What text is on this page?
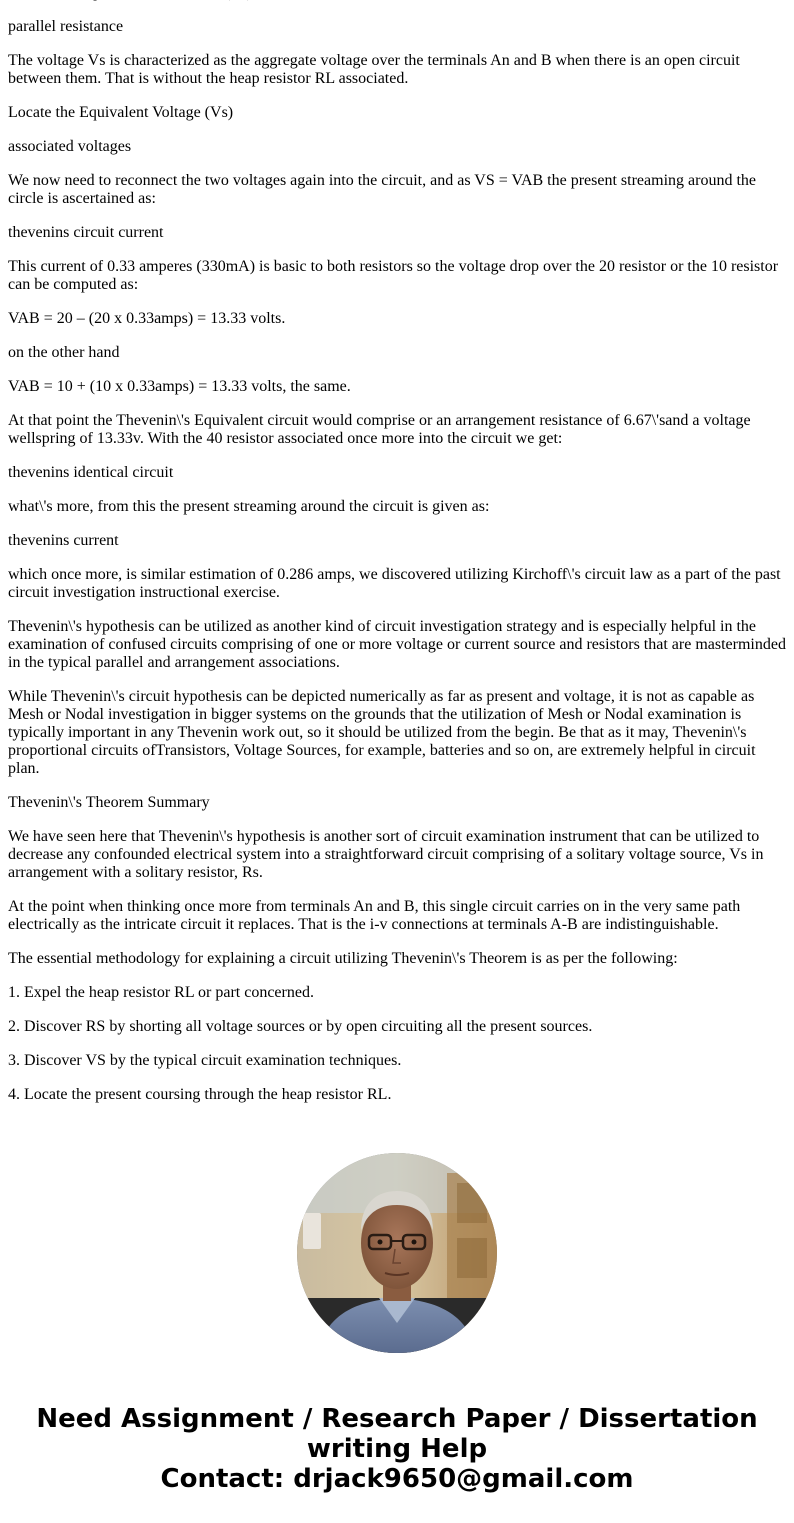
parallel resistance

The voltage Vs is characterized as the aggregate voltage over the terminals An and B when there is an open circuit between them. That is without the heap resistor RL associated.

Locate the Equivalent Voltage (Vs)

associated voltages

We now need to reconnect the two voltages again into the circuit, and as VS = VAB the present streaming around the circle is ascertained as:

thevenins circuit current

This current of 0.33 amperes (330mA) is basic to both resistors so the voltage drop over the 20 resistor or the 10 resistor can be computed as:

VAB = 20 – (20 x 0.33amps) = 13.33 volts.

on the other hand

VAB = 10 + (10 x 0.33amps) = 13.33 volts, the same.

At that point the Thevenin\'s Equivalent circuit would comprise or an arrangement resistance of 6.67\'sand a voltage wellspring of 13.33v. With the 40 resistor associated once more into the circuit we get:

thevenins identical circuit

what\'s more, from this the present streaming around the circuit is given as:

thevenins current

which once more, is similar estimation of 0.286 amps, we discovered utilizing Kirchoff\'s circuit law as a part of the past circuit investigation instructional exercise.

Thevenin\'s hypothesis can be utilized as another kind of circuit investigation strategy and is especially helpful in the examination of confused circuits comprising of one or more voltage or current source and resistors that are masterminded in the typical parallel and arrangement associations.

While Thevenin\'s circuit hypothesis can be depicted numerically as far as present and voltage, it is not as capable as Mesh or Nodal investigation in bigger systems on the grounds that the utilization of Mesh or Nodal examination is typically important in any Thevenin work out, so it should be utilized from the begin. Be that as it may, Thevenin\'s proportional circuits ofTransistors, Voltage Sources, for example, batteries and so on, are extremely helpful in circuit plan.

Thevenin\'s Theorem Summary

We have seen here that Thevenin\'s hypothesis is another sort of circuit examination instrument that can be utilized to decrease any confounded electrical system into a straightforward circuit comprising of a solitary voltage source, Vs in arrangement with a solitary resistor, Rs.

At the point when thinking once more from terminals An and B, this single circuit carries on in the very same path electrically as the intricate circuit it replaces. That is the i-v connections at terminals A-B are indistinguishable.

The essential methodology for explaining a circuit utilizing Thevenin\'s Theorem is as per the following:

1. Expel the heap resistor RL or part concerned.

2. Discover RS by shorting all voltage sources or by open circuiting all the present sources.

3. Discover VS by the typical circuit examination techniques.

4. Locate the present coursing through the heap resistor RL.

Need Assignment / Research Paper / Dissertation
writing Help
Contact: drjack9650@gmail.com
